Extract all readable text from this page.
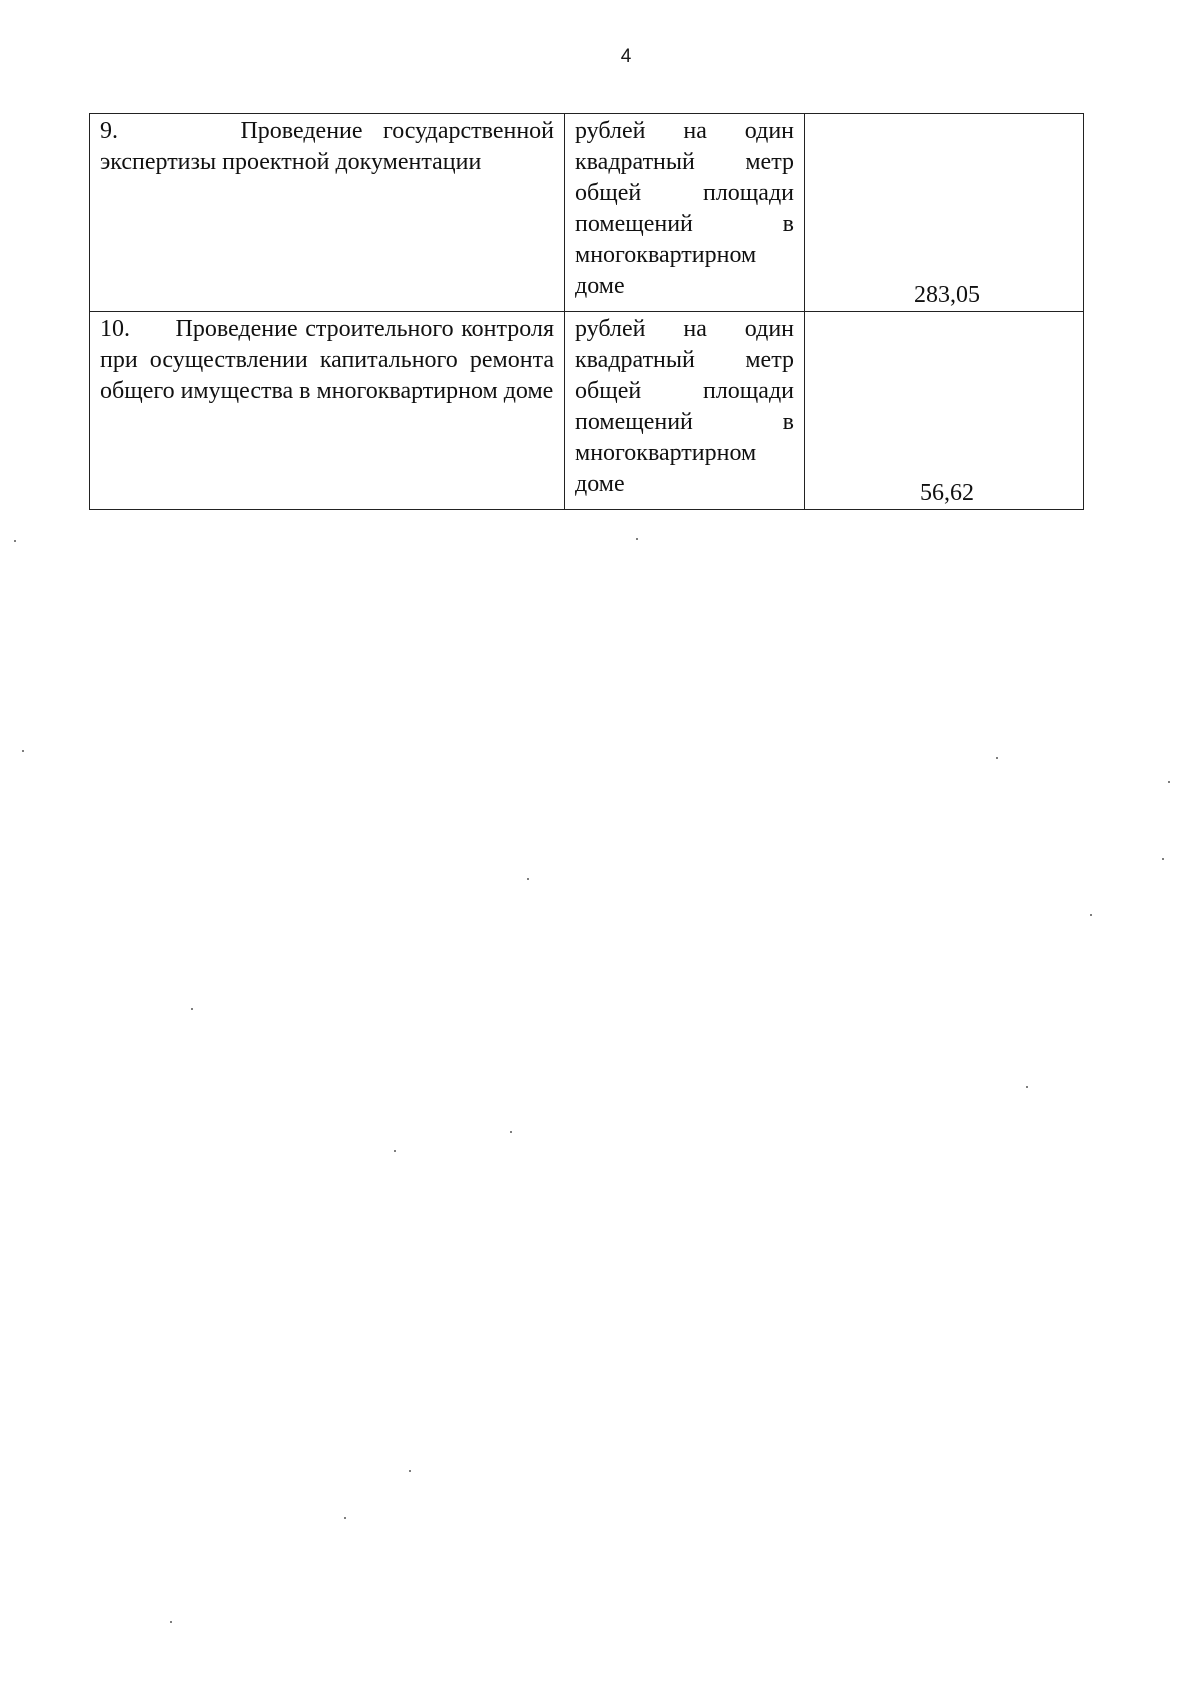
4
9.      Проведение государственной экспертизы проектной документации	рублей на один квадратный метр общей площади помещений в многоквартирном доме	283,05
10.      Проведение строительного контроля при осуществлении капитального ремонта общего имущества в многоквартирном доме	рублей на один квадратный метр общей площади помещений в многоквартирном доме	56,62
